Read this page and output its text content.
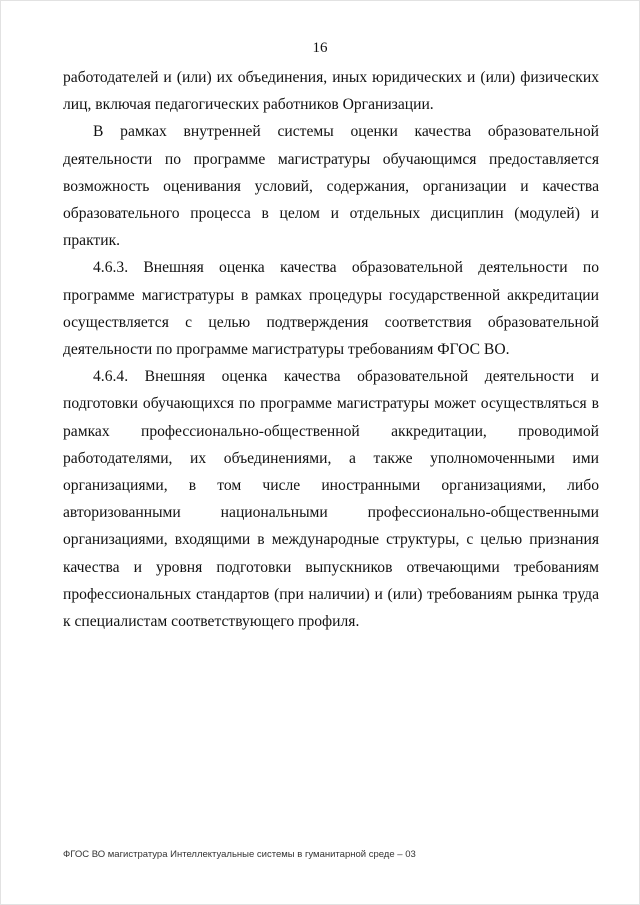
16

работодателей и (или) их объединения, иных юридических и (или) физических лиц, включая педагогических работников Организации.

В рамках внутренней системы оценки качества образовательной деятельности по программе магистратуры обучающимся предоставляется возможность оценивания условий, содержания, организации и качества образовательного процесса в целом и отдельных дисциплин (модулей) и практик.

4.6.3. Внешняя оценка качества образовательной деятельности по программе магистратуры в рамках процедуры государственной аккредитации осуществляется с целью подтверждения соответствия образовательной деятельности по программе магистратуры требованиям ФГОС ВО.

4.6.4. Внешняя оценка качества образовательной деятельности и подготовки обучающихся по программе магистратуры может осуществляться в рамках профессионально-общественной аккредитации, проводимой работодателями, их объединениями, а также уполномоченными ими организациями, в том числе иностранными организациями, либо авторизованными национальными профессионально-общественными организациями, входящими в международные структуры, с целью признания качества и уровня подготовки выпускников отвечающими требованиям профессиональных стандартов (при наличии) и (или) требованиям рынка труда к специалистам соответствующего профиля.

ФГОС ВО магистратура Интеллектуальные системы в гуманитарной среде – 03
